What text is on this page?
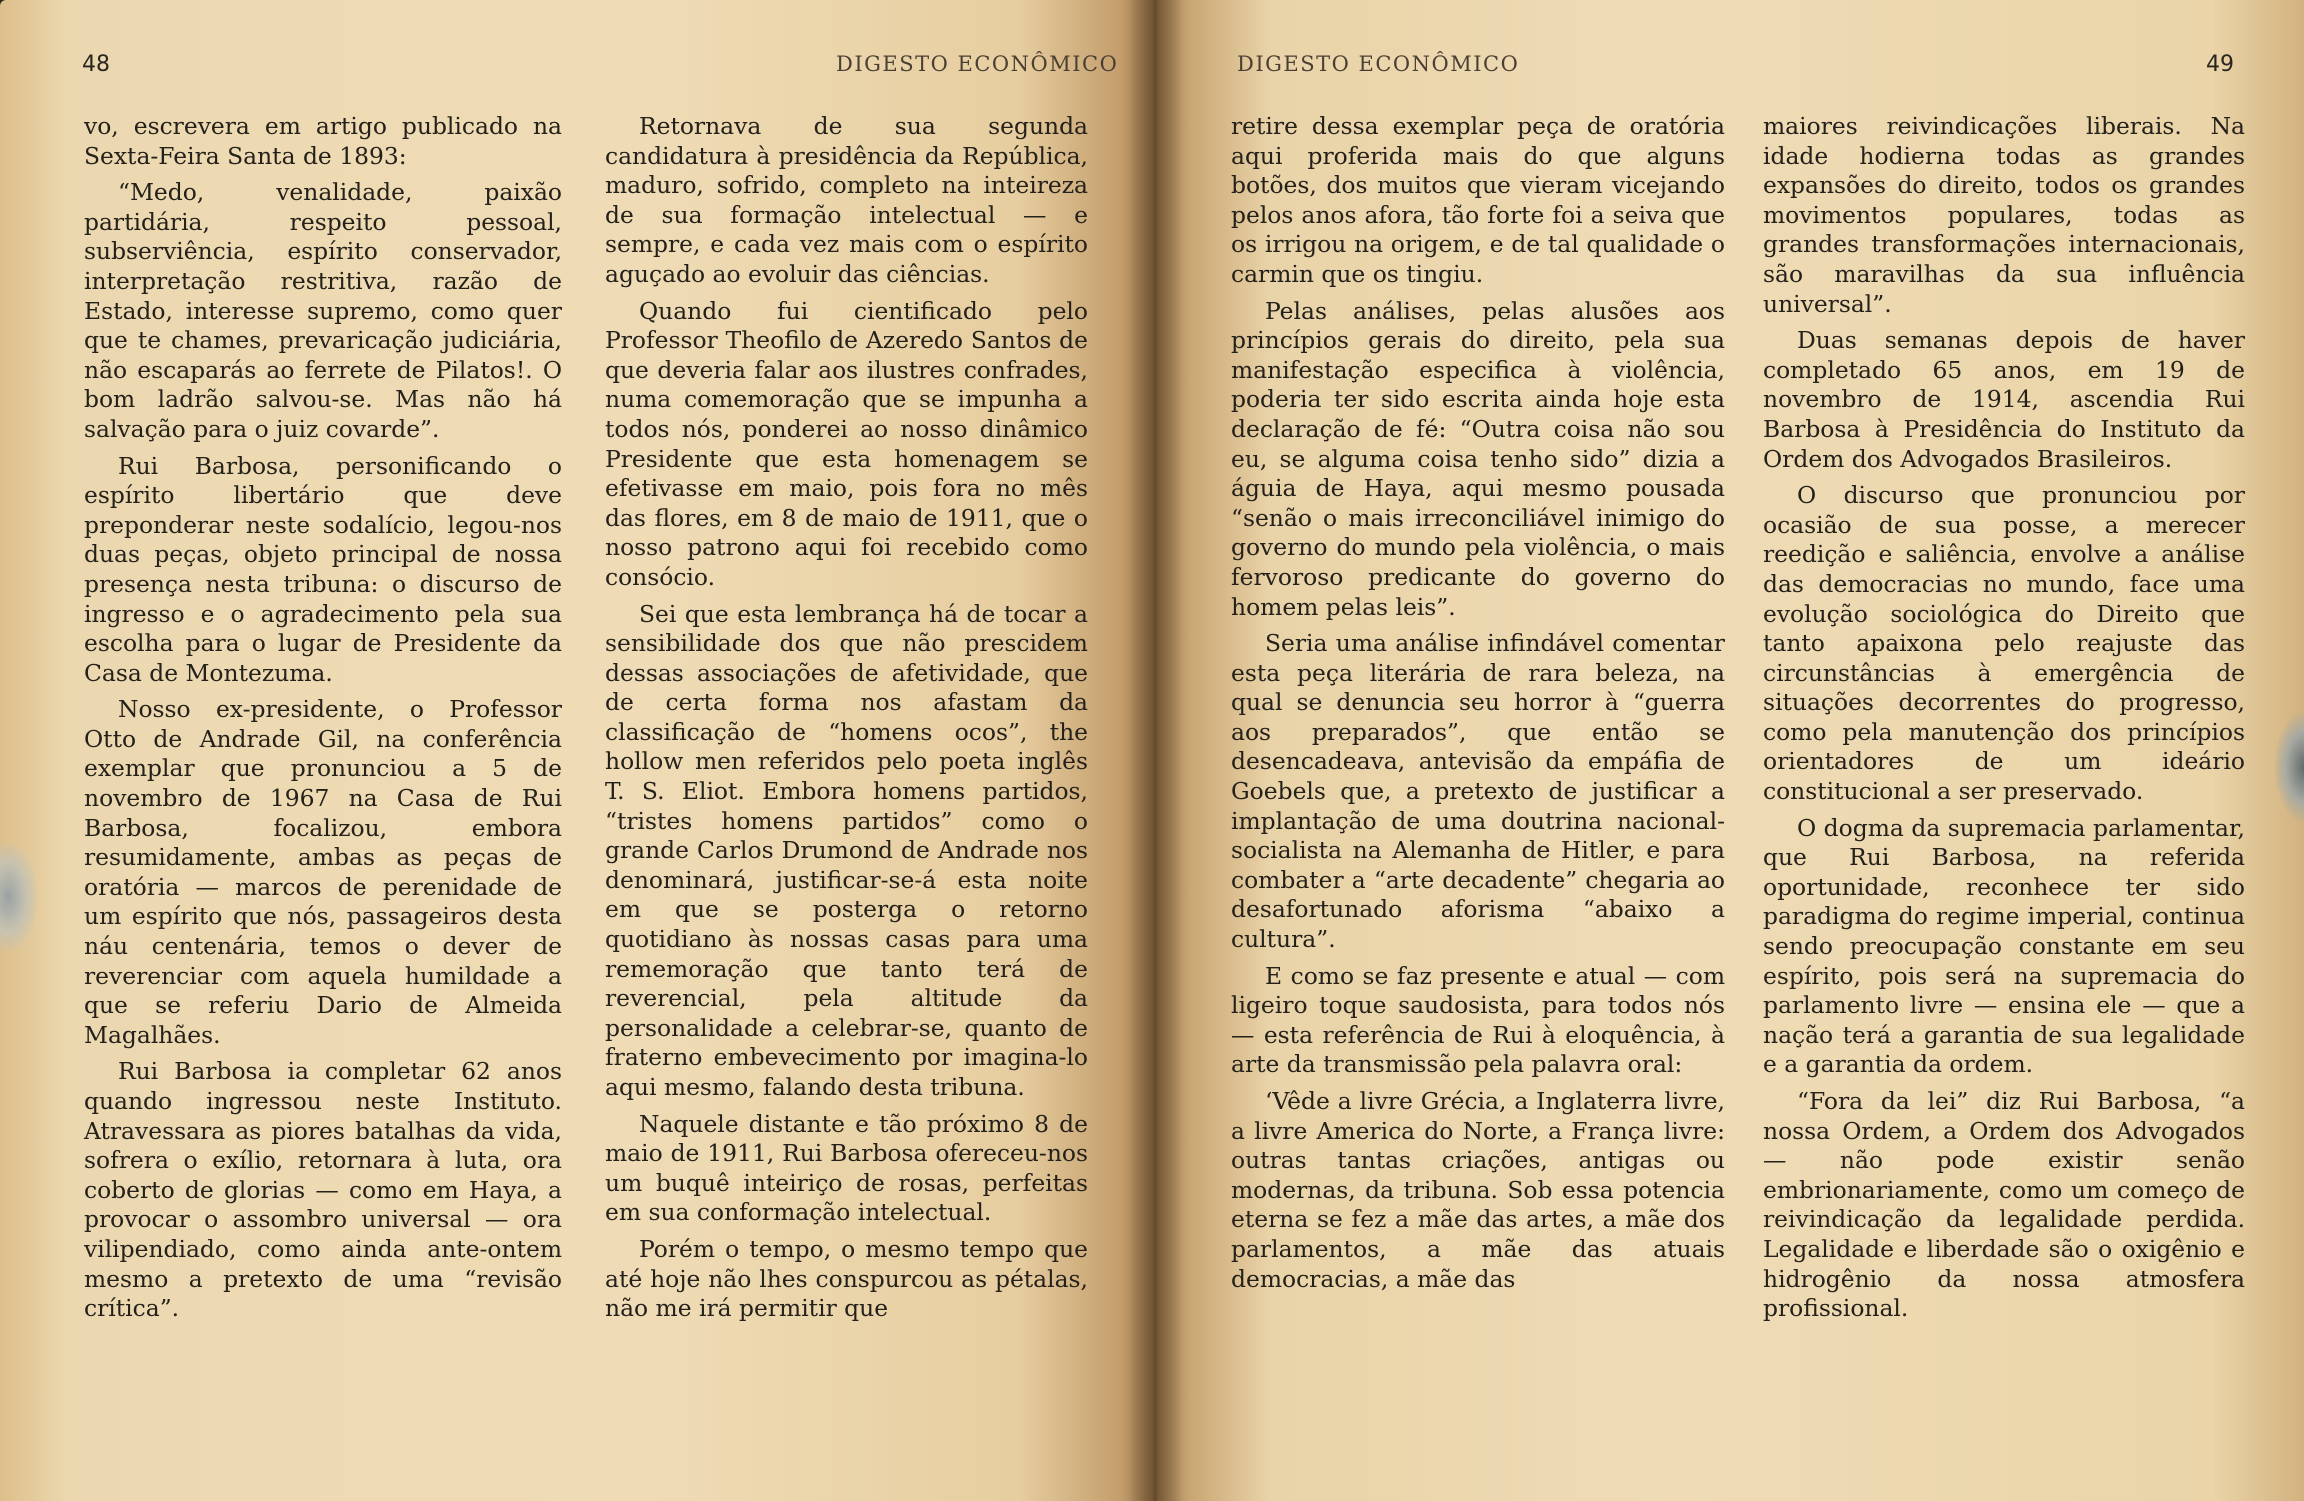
48	DIGESTO ECONÔMICO

vo, escrevera em artigo publicado na Sexta-Feira Santa de 1893:

“Medo, venalidade, paixão partidária, respeito pessoal, subserviência, espírito conservador, interpretação restritiva, razão de Estado, interesse supremo, como quer que te chames, prevaricação judiciária, não escaparás ao ferrete de Pilatos!. O bom ladrão salvou-se. Mas não há salvação para o juiz covarde”.

Rui Barbosa, personificando o espírito libertário que deve preponderar neste sodalício, legou-nos duas peças, objeto principal de nossa presença nesta tribuna: o discurso de ingresso e o agradecimento pela sua escolha para o lugar de Presidente da Casa de Montezuma.

Nosso ex-presidente, o Professor Otto de Andrade Gil, na conferência exemplar que pronunciou a 5 de novembro de 1967 na Casa de Rui Barbosa, focalizou, embora resumidamente, ambas as peças de oratória — marcos de perenidade de um espírito que nós, passageiros desta náu centenária, temos o dever de reverenciar com aquela humildade a que se referiu Dario de Almeida Magalhães.

Rui Barbosa ia completar 62 anos quando ingressou neste Instituto. Atravessara as piores batalhas da vida, sofrera o exílio, retornara à luta, ora coberto de glorias — como em Haya, a provocar o assombro universal — ora vilipendiado, como ainda ante-ontem mesmo a pretexto de uma “revisão crítica”.

Retornava de sua segunda candidatura à presidência da República, maduro, sofrido, completo na inteireza de sua formação intelectual — e sempre, e cada vez mais com o espírito aguçado ao evoluir das ciências.

Quando fui cientificado pelo Professor Theofilo de Azeredo Santos de que deveria falar aos ilustres confrades, numa comemoração que se impunha a todos nós, ponderei ao nosso dinâmico Presidente que esta homenagem se efetivasse em maio, pois fora no mês das flores, em 8 de maio de 1911, que o nosso patrono aqui foi recebido como consócio.

Sei que esta lembrança há de tocar a sensibilidade dos que não prescidem dessas associações de afetividade, que de certa forma nos afastam da classificação de “homens ocos”, the hollow men referidos pelo poeta inglês T. S. Eliot. Embora homens partidos, “tristes homens partidos” como o grande Carlos Drumond de Andrade nos denominará, justificar-se-á esta noite em que se posterga o retorno quotidiano às nossas casas para uma rememoração que tanto terá de reverencial, pela altitude da personalidade a celebrar-se, quanto de fraterno embevecimento por imagina-lo aqui mesmo, falando desta tribuna.

Naquele distante e tão próximo 8 de maio de 1911, Rui Barbosa ofereceu-nos um buquê inteiriço de rosas, perfeitas em sua conformação intelectual.

Porém o tempo, o mesmo tempo que até hoje não lhes conspurcou as pétalas, não me irá permitir que

DIGESTO ECONÔMICO	49

retire dessa exemplar peça de oratória aqui proferida mais do que alguns botões, dos muitos que vieram vicejando pelos anos afora, tão forte foi a seiva que os irrigou na origem, e de tal qualidade o carmin que os tingiu.

Pelas análises, pelas alusões aos princípios gerais do direito, pela sua manifestação especifica à violência, poderia ter sido escrita ainda hoje esta declaração de fé: “Outra coisa não sou eu, se alguma coisa tenho sido” dizia a águia de Haya, aqui mesmo pousada “senão o mais irreconciliável inimigo do governo do mundo pela violência, o mais fervoroso predicante do governo do homem pelas leis”.

Seria uma análise infindável comentar esta peça literária de rara beleza, na qual se denuncia seu horror à “guerra aos preparados”, que então se desencadeava, antevisão da empáfia de Goebels que, a pretexto de justificar a implantação de uma doutrina nacional-socialista na Alemanha de Hitler, e para combater a “arte decadente” chegaria ao desafortunado aforisma “abaixo a cultura”.

E como se faz presente e atual — com ligeiro toque saudosista, para todos nós — esta referência de Rui à eloquência, à arte da transmissão pela palavra oral:

‘Vêde a livre Grécia, a Inglaterra livre, a livre America do Norte, a França livre: outras tantas criações, antigas ou modernas, da tribuna. Sob essa potencia eterna se fez a mãe das artes, a mãe dos parlamentos, a mãe das atuais democracias, a mãe das

maiores reivindicações liberais. Na idade hodierna todas as grandes expansões do direito, todos os grandes movimentos populares, todas as grandes transformações internacionais, são maravilhas da sua influência universal”.

Duas semanas depois de haver completado 65 anos, em 19 de novembro de 1914, ascendia Rui Barbosa à Presidência do Instituto da Ordem dos Advogados Brasileiros.

O discurso que pronunciou por ocasião de sua posse, a merecer reedição e saliência, envolve a análise das democracias no mundo, face uma evolução sociológica do Direito que tanto apaixona pelo reajuste das circunstâncias à emergência de situações decorrentes do progresso, como pela manutenção dos princípios orientadores de um ideário constitucional a ser preservado.

O dogma da supremacia parlamentar, que Rui Barbosa, na referida oportunidade, reconhece ter sido paradigma do regime imperial, continua sendo preocupação constante em seu espírito, pois será na supremacia do parlamento livre — ensina ele — que a nação terá a garantia de sua legalidade e a garantia da ordem.

“Fora da lei” diz Rui Barbosa, “a nossa Ordem, a Ordem dos Advogados — não pode existir senão embrionariamente, como um começo de reivindicação da legalidade perdida. Legalidade e liberdade são o oxigênio e hidrogênio da nossa atmosfera profissional.
